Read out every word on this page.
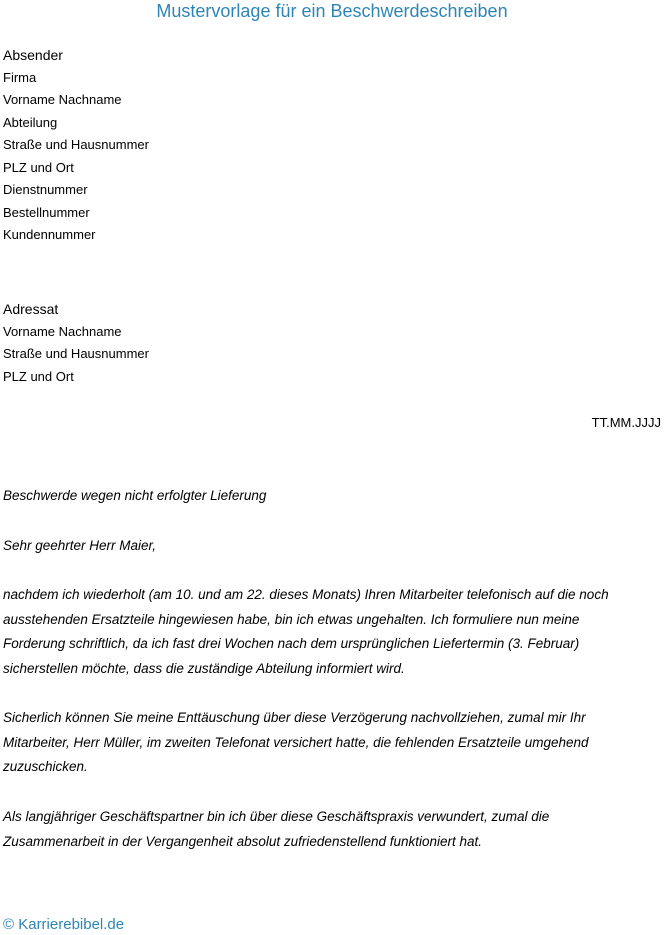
Mustervorlage für ein Beschwerdeschreiben
Absender
Firma
Vorname Nachname
Abteilung
Straße und Hausnummer
PLZ und Ort
Dienstnummer
Bestellnummer
Kundennummer
Adressat
Vorname Nachname
Straße und Hausnummer
PLZ und Ort
TT.MM.JJJJ
Beschwerde wegen nicht erfolgter Lieferung
Sehr geehrter Herr Maier,
nachdem ich wiederholt (am 10. und am 22. dieses Monats) Ihren Mitarbeiter telefonisch auf die noch
ausstehenden Ersatzteile hingewiesen habe, bin ich etwas ungehalten. Ich formuliere nun meine
Forderung schriftlich, da ich fast drei Wochen nach dem ursprünglichen Liefertermin (3. Februar)
sicherstellen möchte, dass die zuständige Abteilung informiert wird.
Sicherlich können Sie meine Enttäuschung über diese Verzögerung nachvollziehen, zumal mir Ihr
Mitarbeiter, Herr Müller, im zweiten Telefonat versichert hatte, die fehlenden Ersatzteile umgehend
zuzuschicken.
Als langjähriger Geschäftspartner bin ich über diese Geschäftspraxis verwundert, zumal die
Zusammenarbeit in der Vergangenheit absolut zufriedenstellend funktioniert hat.
© Karrierebibel.de
